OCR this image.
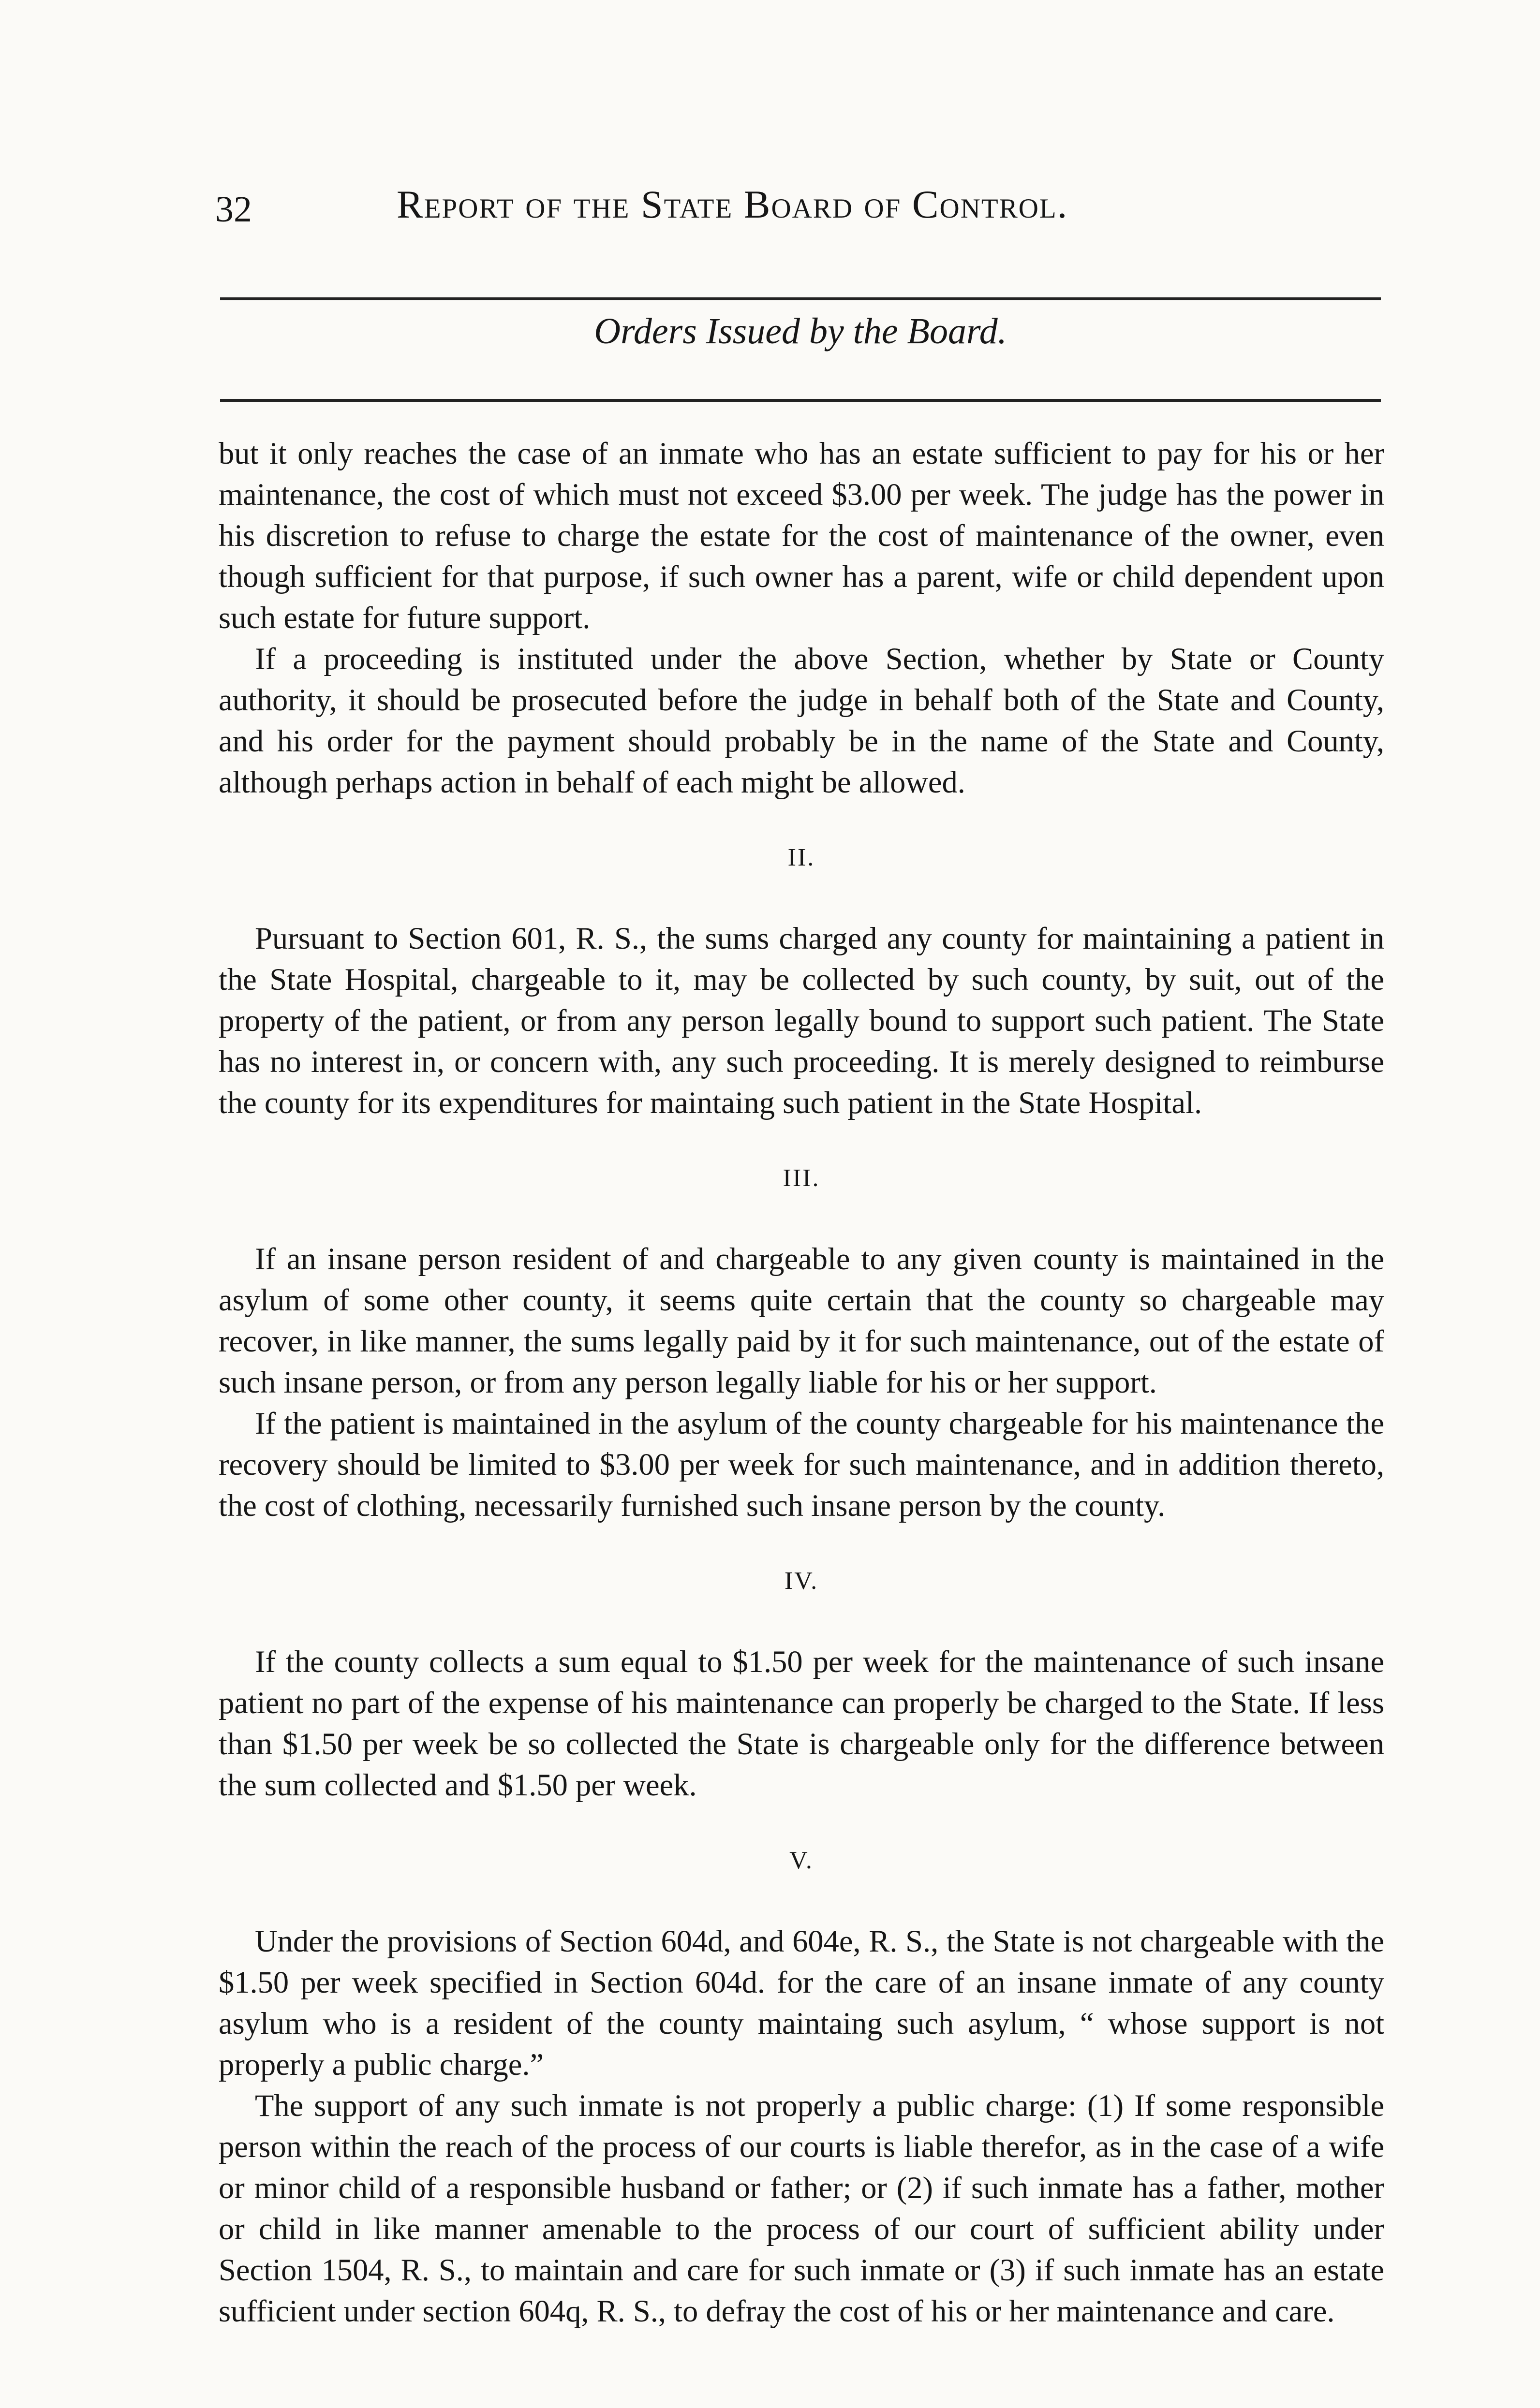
32	Report of the State Board of Control.
Orders Issued by the Board.

but it only reaches the case of an inmate who has an estate sufficient to pay for his or her maintenance, the cost of which must not exceed $3.00 per week. The judge has the power in his discretion to refuse to charge the estate for the cost of maintenance of the owner, even though sufficient for that purpose, if such owner has a parent, wife or child dependent upon such estate for future support.

If a proceeding is instituted under the above Section, whether by State or County authority, it should be prosecuted before the judge in behalf both of the State and County, and his order for the payment should probably be in the name of the State and County, although perhaps action in behalf of each might be allowed.

II.

Pursuant to Section 601, R. S., the sums charged any county for maintaining a patient in the State Hospital, chargeable to it, may be collected by such county, by suit, out of the property of the patient, or from any person legally bound to support such patient. The State has no interest in, or concern with, any such proceeding. It is merely designed to reimburse the county for its expenditures for maintaing such patient in the State Hospital.

III.

If an insane person resident of and chargeable to any given county is maintained in the asylum of some other county, it seems quite certain that the county so chargeable may recover, in like manner, the sums legally paid by it for such maintenance, out of the estate of such insane person, or from any person legally liable for his or her support.

If the patient is maintained in the asylum of the county chargeable for his maintenance the recovery should be limited to $3.00 per week for such maintenance, and in addition thereto, the cost of clothing, necessarily furnished such insane person by the county.

IV.

If the county collects a sum equal to $1.50 per week for the maintenance of such insane patient no part of the expense of his maintenance can properly be charged to the State. If less than $1.50 per week be so collected the State is chargeable only for the difference between the sum collected and $1.50 per week.

V.

Under the provisions of Section 604d, and 604e, R. S., the State is not chargeable with the $1.50 per week specified in Section 604d. for the care of an insane inmate of any county asylum who is a resident of the county maintaing such asylum, “ whose support is not properly a public charge.”

The support of any such inmate is not properly a public charge: (1) If some responsible person within the reach of the process of our courts is liable therefor, as in the case of a wife or minor child of a responsible husband or father; or (2) if such inmate has a father, mother or child in like manner amenable to the process of our court of sufficient ability under Section 1504, R. S., to maintain and care for such inmate or (3) if such inmate has an estate sufficient under section 604q, R. S., to defray the cost of his or her maintenance and care.
